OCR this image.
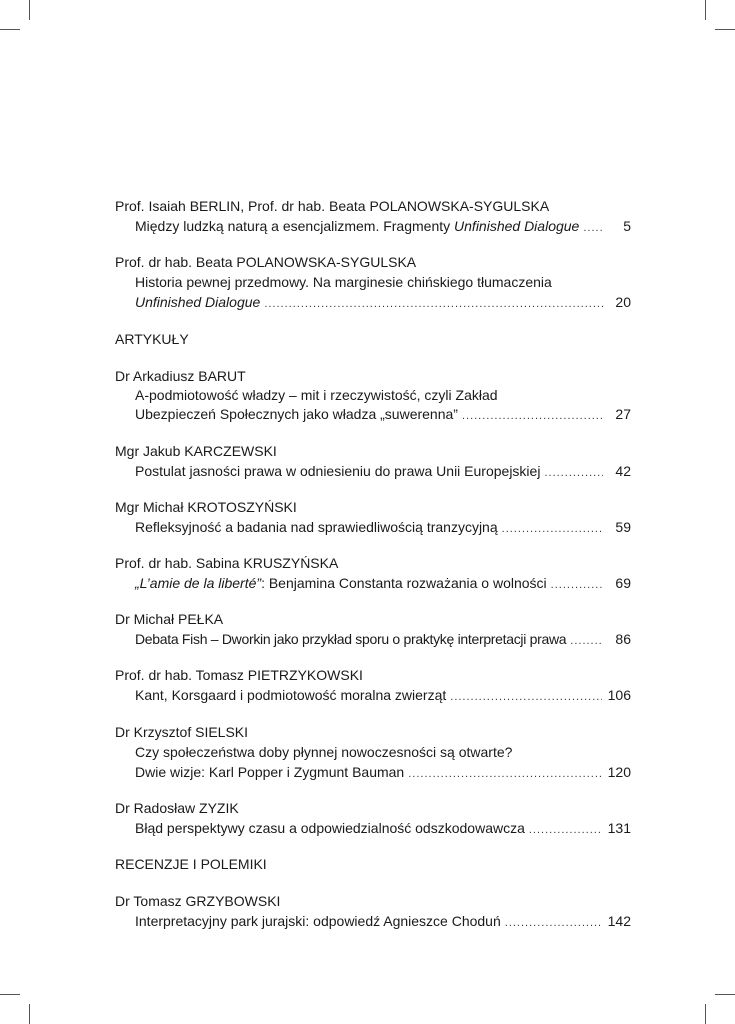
Prof. Isaiah BERLIN, Prof. dr hab. Beata POLANOWSKA-SYGULSKA
Między ludzką naturą a esencjalizmem. Fragmenty Unfinished Dialogue .....	5
Prof. dr hab. Beata POLANOWSKA-SYGULSKA
Historia pewnej przedmowy. Na marginesie chińskiego tłumaczenia
Unfinished Dialogue .....	20
ARTYKUŁY
Dr Arkadiusz BARUT
A-podmiotowość władzy – mit i rzeczywistość, czyli Zakład
Ubezpieczeń Społecznych jako władza „suwerenna” .....	27
Mgr Jakub KARCZEWSKI
Postulat jasności prawa w odniesieniu do prawa Unii Europejskiej .....	42
Mgr Michał KROTOSZYŃSKI
Refleksyjność a badania nad sprawiedliwością tranzycyjną .....	59
Prof. dr hab. Sabina KRUSZYŃSKA
„L’amie de la liberté”: Benjamina Constanta rozważania o wolności .....	69
Dr Michał PEŁKA
Debata Fish – Dworkin jako przykład sporu o praktykę interpretacji prawa .....	86
Prof. dr hab. Tomasz PIETRZYKOWSKI
Kant, Korsgaard i podmiotowość moralna zwierząt .....	106
Dr Krzysztof SIELSKI
Czy społeczeństwa doby płynnej nowoczesności są otwarte?
Dwie wizje: Karl Popper i Zygmunt Bauman .....	120
Dr Radosław ZYZIK
Błąd perspektywy czasu a odpowiedzialność odszkodowawcza .....	131
RECENZJE I POLEMIKI
Dr Tomasz GRZYBOWSKI
Interpretacyjny park jurajski: odpowiedź Agnieszce Choduń .....	142
